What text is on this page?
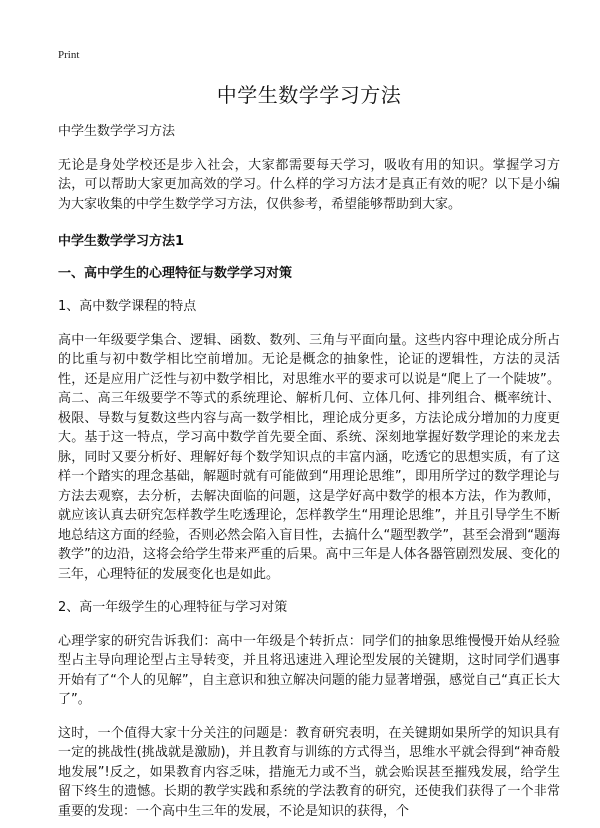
Print
中学生数学学习方法

中学生数学学习方法

无论是身处学校还是步入社会，大家都需要每天学习，吸收有用的知识。掌握学习方法，可以帮助大家更加高效的学习。什么样的学习方法才是真正有效的呢？以下是小编为大家收集的中学生数学学习方法，仅供参考，希望能够帮助到大家。

中学生数学学习方法1

一、高中学生的心理特征与数学学习对策

1、高中数学课程的特点

高中一年级要学集合、逻辑、函数、数列、三角与平面向量。这些内容中理论成分所占的比重与初中数学相比空前增加。无论是概念的抽象性，论证的逻辑性，方法的灵活性，还是应用广泛性与初中数学相比，对思维水平的要求可以说是“爬上了一个陡坡”。高二、高三年级要学不等式的系统理论、解析几何、立体几何、排列组合、概率统计、极限、导数与复数这些内容与高一数学相比，理论成分更多，方法论成分增加的力度更大。基于这一特点，学习高中数学首先要全面、系统、深刻地掌握好数学理论的来龙去脉，同时又要分析好、理解好每个数学知识点的丰富内涵，吃透它的思想实质，有了这样一个踏实的理念基础，解题时就有可能做到“用理论思维”，即用所学过的数学理论与方法去观察，去分析，去解决面临的问题，这是学好高中数学的根本方法，作为教师，就应该认真去研究怎样教学生吃透理论，怎样教学生“用理论思维”，并且引导学生不断地总结这方面的经验，否则必然会陷入盲目性，去搞什么“题型教学”，甚至会滑到“题海教学”的边沿，这将会给学生带来严重的后果。高中三年是人体各器管剧烈发展、变化的三年，心理特征的发展变化也是如此。

2、高一年级学生的心理特征与学习对策

心理学家的研究告诉我们：高中一年级是个转折点：同学们的抽象思维慢慢开始从经验型占主导向理论型占主导转变，并且将迅速进入理论型发展的关键期，这时同学们遇事开始有了“个人的见解”，自主意识和独立解决问题的能力显著增强，感觉自己“真正长大了”。

这时，一个值得大家十分关注的问题是：教育研究表明，在关键期如果所学的知识具有一定的挑战性(挑战就是激励)，并且教育与训练的方式得当，思维水平就会得到“神奇般地发展”!反之，如果教育内容乏味，措施无力或不当，就会贻误甚至摧残发展，给学生留下终生的遗憾。长期的教学实践和系统的学法教育的研究，还使我们获得了一个非常重要的发现：一个高中生三年的发展，不论是知识的获得，个
